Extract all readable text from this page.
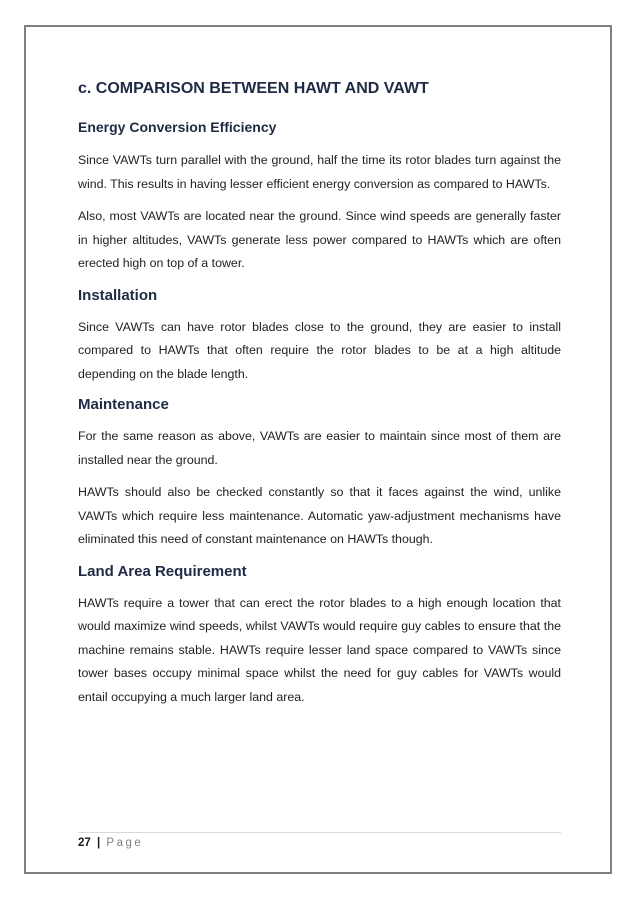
c. COMPARISON BETWEEN HAWT AND VAWT
Energy Conversion Efficiency

Since VAWTs turn parallel with the ground, half the time its rotor blades turn against the wind. This results in having lesser efficient energy conversion as compared to HAWTs.

Also, most VAWTs are located near the ground. Since wind speeds are generally faster in higher altitudes, VAWTs generate less power compared to HAWTs which are often erected high on top of a tower.

Installation

Since VAWTs can have rotor blades close to the ground, they are easier to install compared to HAWTs that often require the rotor blades to be at a high altitude depending on the blade length.

Maintenance

For the same reason as above, VAWTs are easier to maintain since most of them are installed near the ground.

HAWTs should also be checked constantly so that it faces against the wind, unlike VAWTs which require less maintenance. Automatic yaw-adjustment mechanisms have eliminated this need of constant maintenance on HAWTs though.

Land Area Requirement

HAWTs require a tower that can erect the rotor blades to a high enough location that would maximize wind speeds, whilst VAWTs would require guy cables to ensure that the machine remains stable. HAWTs require lesser land space compared to VAWTs since tower bases occupy minimal space whilst the need for guy cables for VAWTs would entail occupying a much larger land area.

27 | Page
